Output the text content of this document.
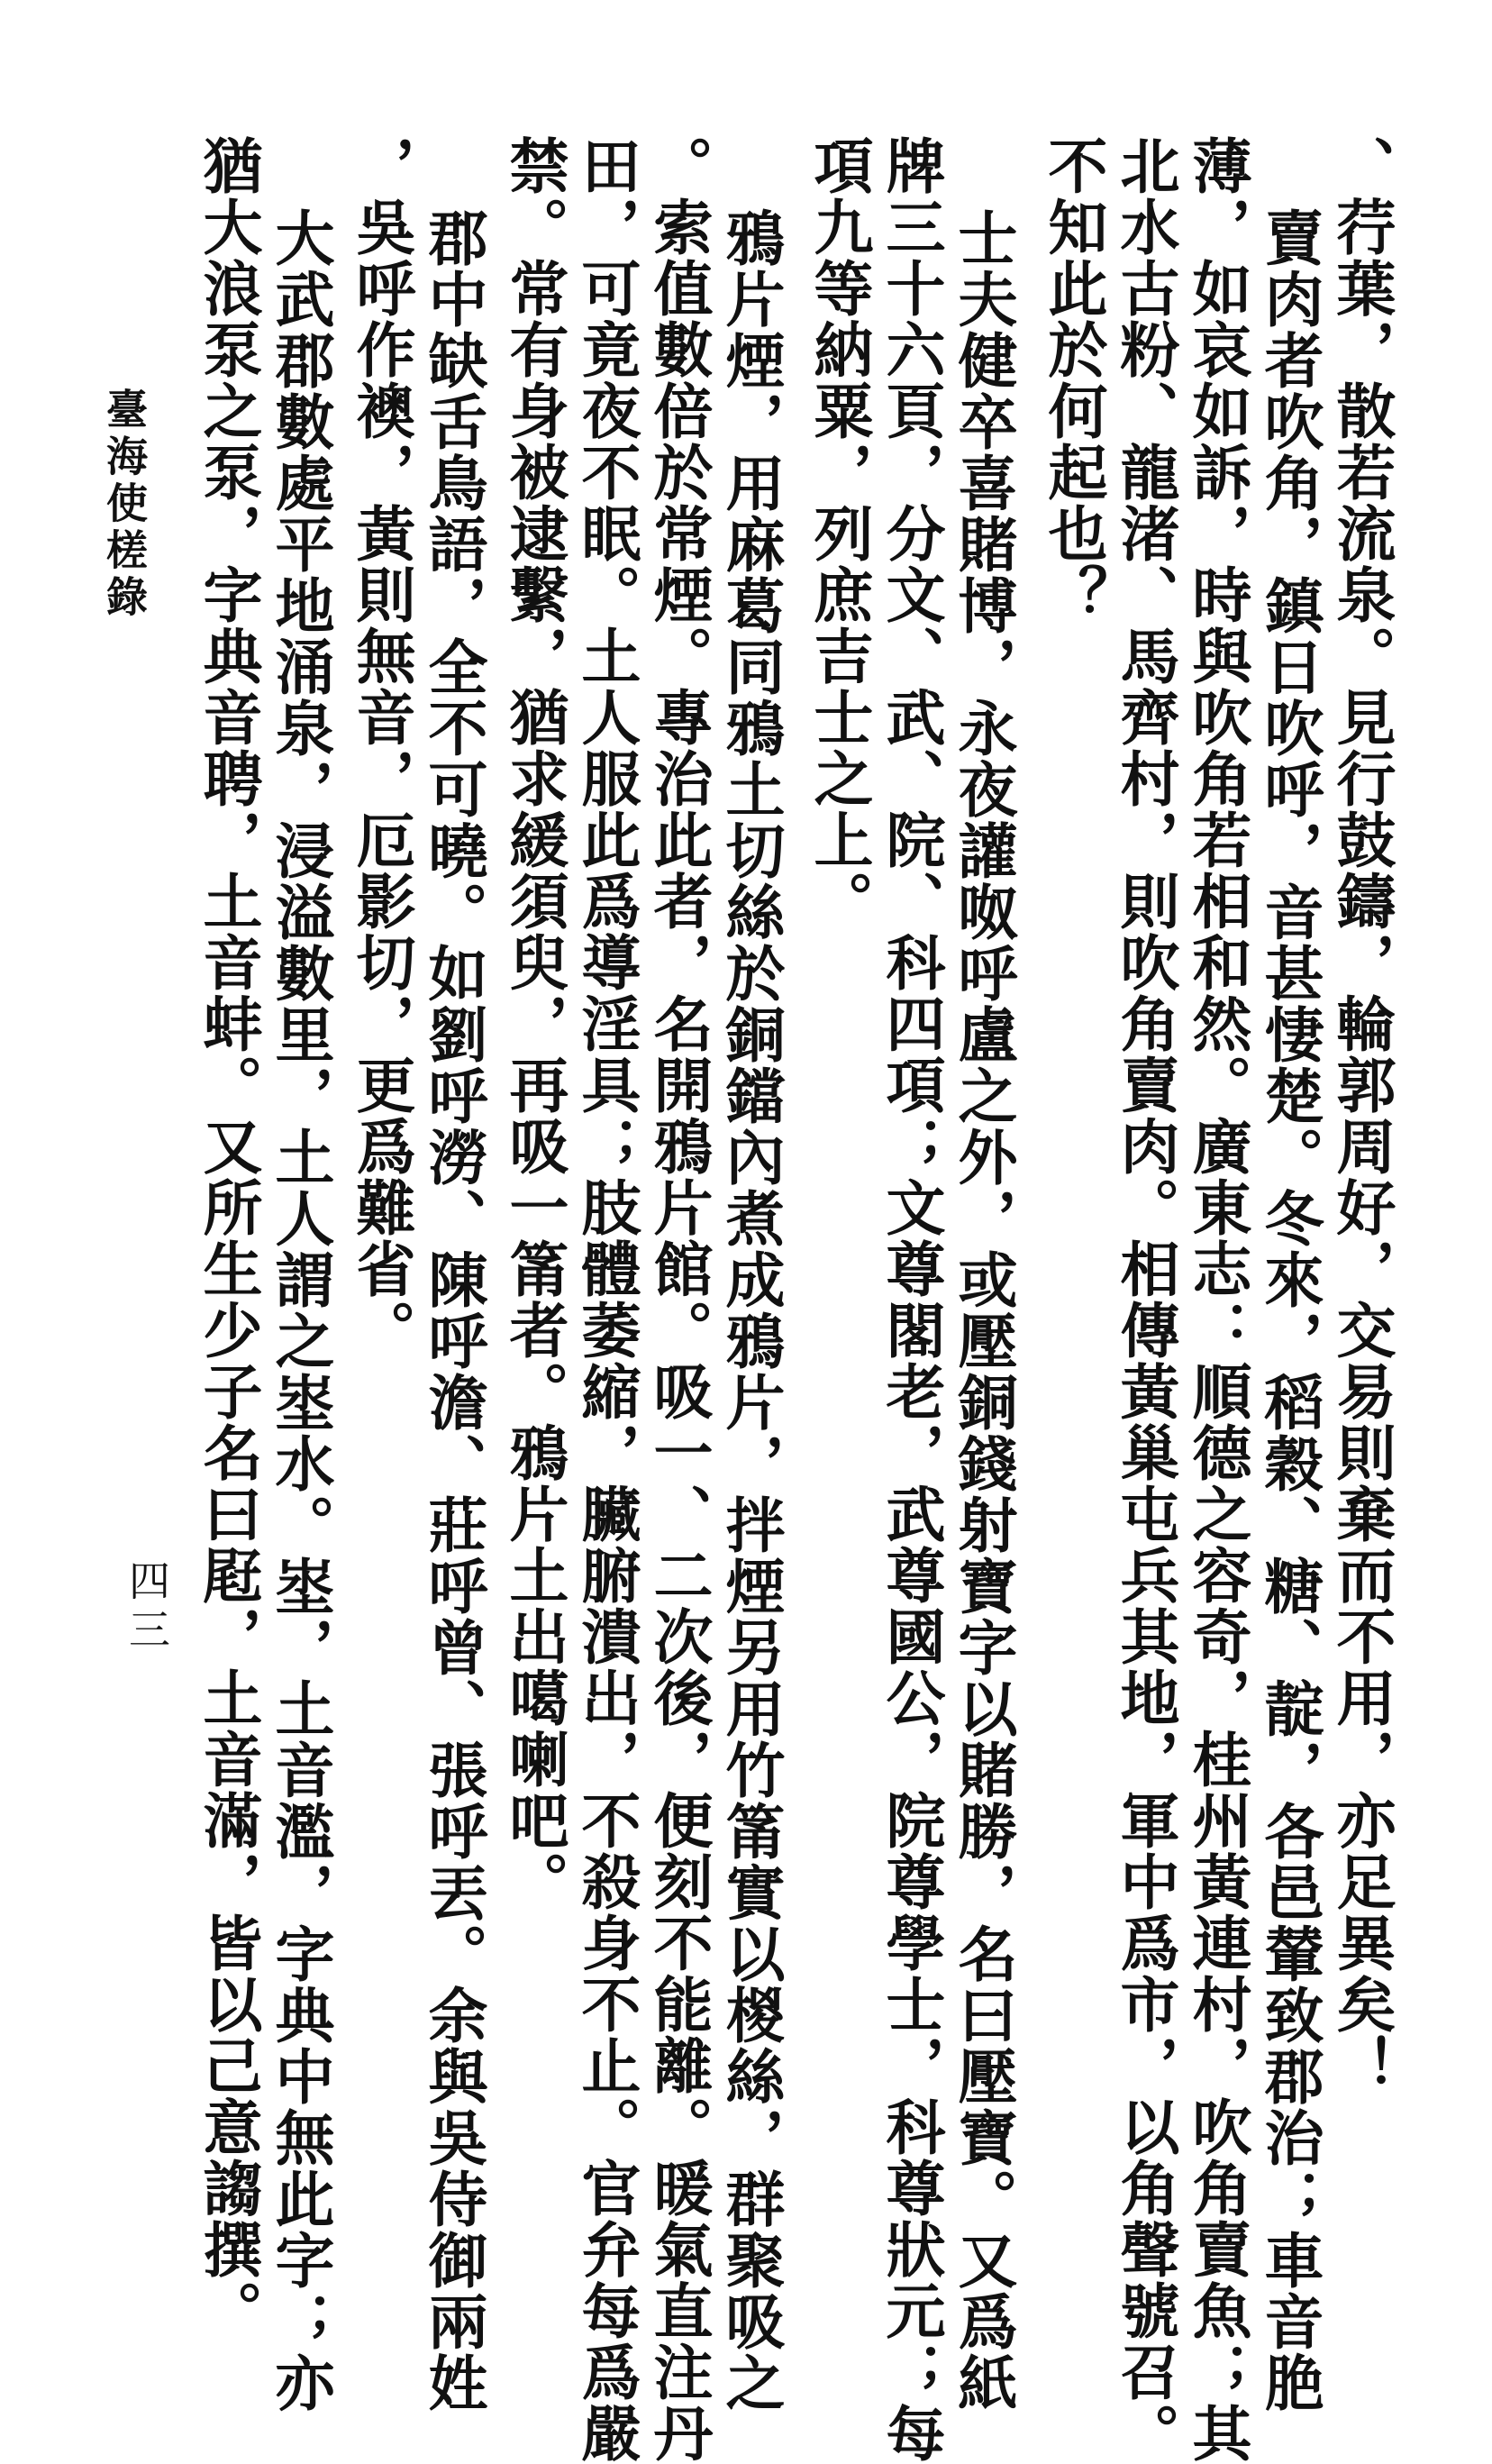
、荇葉，散若流泉。見行鼓鑄，輪郭周好，交易則棄而不用，亦足異矣！
賣肉者吹角，鎮日吹呼，音甚悽楚。冬來，稻穀、糖、靛，各邑輦致郡治；車音脃
薄，如哀如訴，時與吹角若相和然。廣東志：順德之容奇，桂州黃連村，吹角賣魚；其
北水古粉、龍渚、馬齊村，則吹角賣肉。相傳黃巢屯兵其地，軍中爲市，以角聲號召。
不知此於何起也？
士夫健卒喜賭博，永夜讙呶呼盧之外，或壓銅錢射寶字以賭勝，名曰壓寶。又爲紙
牌三十六頁，分文、武、院、科四項；文尊閣老，武尊國公，院尊學士，科尊狀元；每
項九等納粟，列庶吉士之上。
鴉片煙，用麻葛同鴉土切絲於銅鐺內煮成鴉片，拌煙另用竹筩實以椶絲，群聚吸之
。索值數倍於常煙。專治此者，名開鴉片館。吸一、二次後，便刻不能離。暖氣直注丹
田，可竟夜不眠。土人服此爲導淫具；肢體萎縮，臟腑潰出，不殺身不止。官弁每爲嚴
禁。常有身被逮繫，猶求緩須臾，再吸一筩者。鴉片土出噶喇吧。
郡中缺舌鳥語，全不可曉。如劉呼澇、陳呼澹、莊呼曾、張呼丟。余與吳侍御兩姓
，吳呼作襖，黃則無音，厄影切，更爲難省。
大武郡數處平地涌泉，浸溢數里，土人謂之埊水。埊，土音濫，字典中無此字；亦
猶大浪泵之泵，字典音聘，土音蚌。又所生少子名曰屘，土音滿，皆以己意謅撰。
臺海使槎錄
四三
